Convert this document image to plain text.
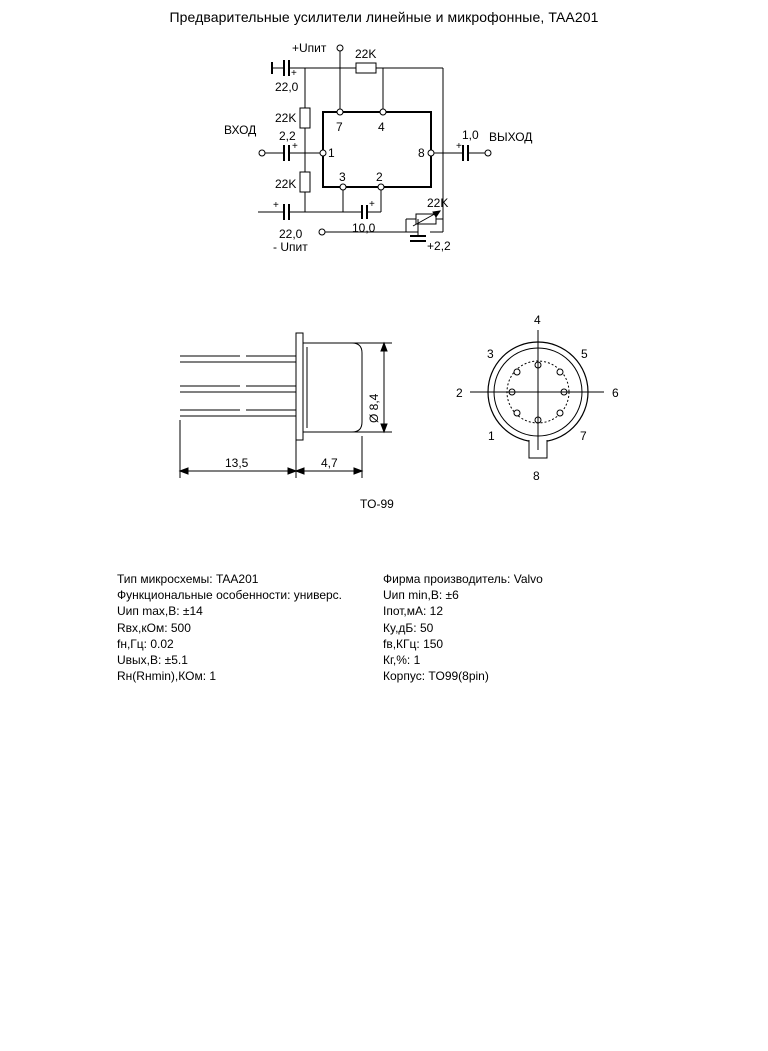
Предварительные усилители линейные и микрофонные, TAA201
+Uпит 22K
22,0
+
22K
ВХОД 2,2
+
7	4
1	8
1,0
+
ВЫХОД
22K	3	2
+	+	22K
10,0
22,0
- Uпит	+2,2
13,5	4,7
Ø 8,4
TO-99
1
2
3
4
5
6
7
8
Тип микросхемы: TAA201
Функциональные особенности: универс.
Uип max,В: ±14
Rвх,кОм: 500
fн,Гц: 0.02
Uвых,В: ±5.1
Rн(Rнmin),КОм: 1
Фирма производитель: Valvo
Uип min,В: ±6
Iпот,мА: 12
Кy,дБ: 50
fв,КГц: 150
Кг,%: 1
Корпус: TO99(8pin)
